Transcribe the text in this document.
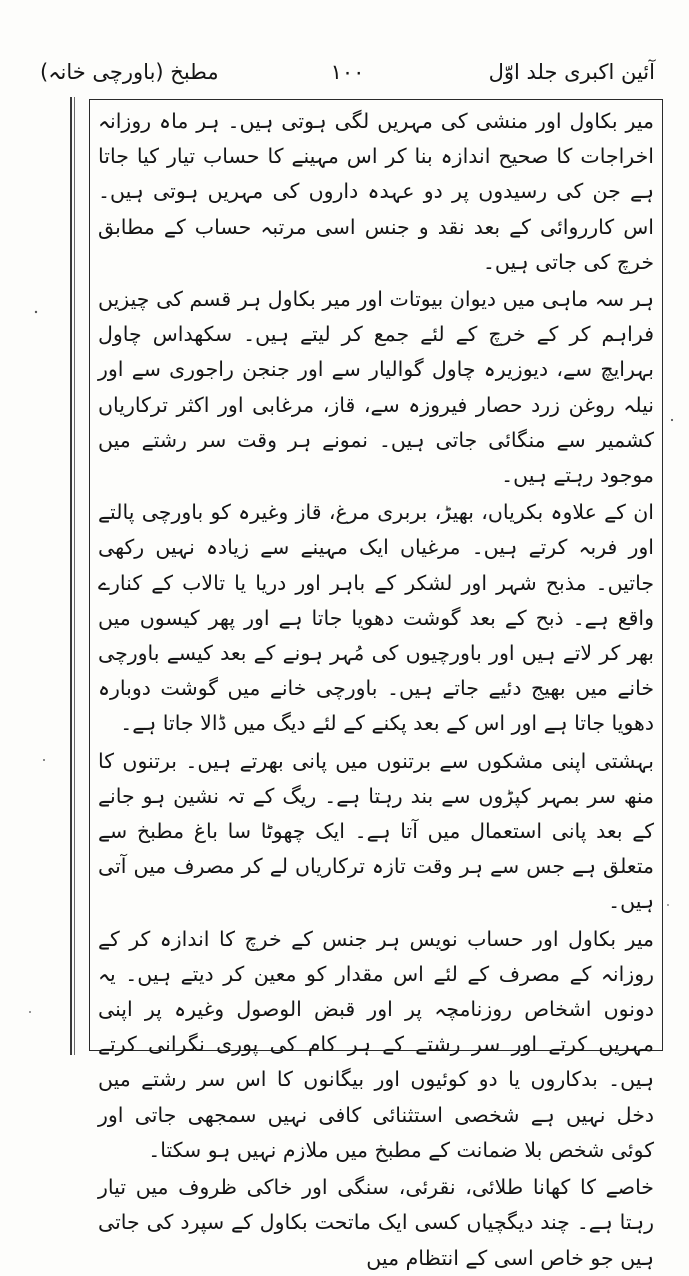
آئین اکبری جلد اوّل
۱۰۰
مطبخ (باورچی خانہ)

میر بکاول اور منشی کی مہریں لگی ہوتی ہیں۔ ہر ماہ روزانہ اخراجات کا صحیح اندازہ بنا کر اس مہینے کا حساب تیار کیا جاتا ہے جن کی رسیدوں پر دو عہدہ داروں کی مہریں ہوتی ہیں۔ اس کارروائی کے بعد نقد و جنس اسی مرتبہ حساب کے مطابق خرچ کی جاتی ہیں۔

ہر سہ ماہی میں دیوان بیوتات اور میر بکاول ہر قسم کی چیزیں فراہم کر کے خرچ کے لئے جمع کر لیتے ہیں۔ سکھداس چاول بہرایچ سے، دیوزیرہ چاول گوالیار سے اور جنجن راجوری سے اور نیلہ روغن زرد حصار فیروزہ سے، قاز، مرغابی اور اکثر ترکاریاں کشمیر سے منگائی جاتی ہیں۔ نمونے ہر وقت سر رشتے میں موجود رہتے ہیں۔

ان کے علاوہ بکریاں، بھیڑ، بربری مرغ، قاز وغیرہ کو باورچی پالتے اور فربہ کرتے ہیں۔ مرغیاں ایک مہینے سے زیادہ نہیں رکھی جاتیں۔ مذبح شہر اور لشکر کے باہر اور دریا یا تالاب کے کنارے واقع ہے۔ ذبح کے بعد گوشت دھویا جاتا ہے اور پھر کیسوں میں بھر کر لاتے ہیں اور باورچیوں کی مُہر ہونے کے بعد کیسے باورچی خانے میں بھیج دئیے جاتے ہیں۔ باورچی خانے میں گوشت دوبارہ دھویا جاتا ہے اور اس کے بعد پکنے کے لئے دیگ میں ڈالا جاتا ہے۔

بہشتی اپنی مشکوں سے برتنوں میں پانی بھرتے ہیں۔ برتنوں کا منھ سر بمہر کپڑوں سے بند رہتا ہے۔ ریگ کے تہ نشین ہو جانے کے بعد پانی استعمال میں آتا ہے۔ ایک چھوٹا سا باغ مطبخ سے متعلق ہے جس سے ہر وقت تازہ ترکاریاں لے کر مصرف میں آتی ہیں۔

میر بکاول اور حساب نویس ہر جنس کے خرچ کا اندازہ کر کے روزانہ کے مصرف کے لئے اس مقدار کو معین کر دیتے ہیں۔ یہ دونوں اشخاص روزنامچہ پر اور قبض الوصول وغیرہ پر اپنی مہریں کرتے اور سر رشتے کے ہر کام کی پوری نگرانی کرتے ہیں۔ بدکاروں یا دو کوئیوں اور بیگانوں کا اس سر رشتے میں دخل نہیں ہے شخصی استثنائی کافی نہیں سمجھی جاتی اور کوئی شخص بلا ضمانت کے مطبخ میں ملازم نہیں ہو سکتا۔

خاصے کا کھانا طلائی، نقرئی، سنگی اور خاکی ظروف میں تیار رہتا ہے۔ چند دیگچیاں کسی ایک ماتحت بکاول کے سپرد کی جاتی ہیں جو خاص اسی کے انتظام میں
